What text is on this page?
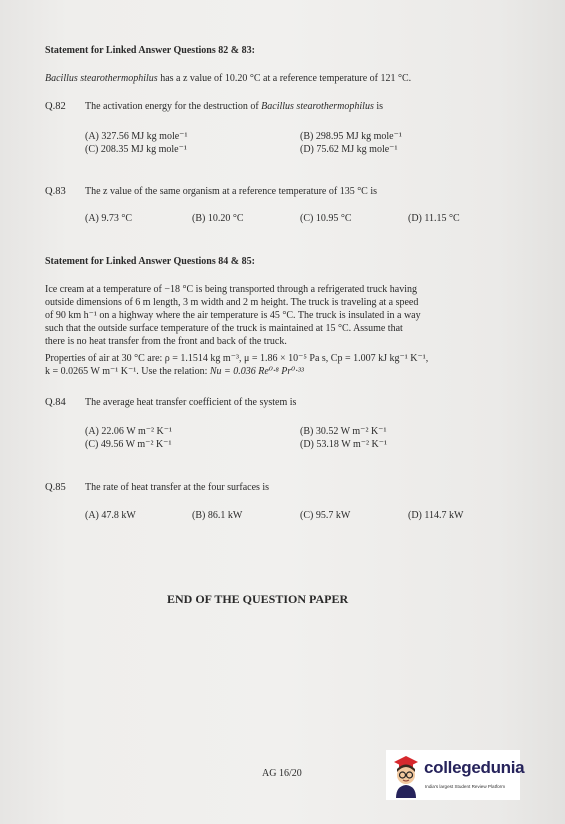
Statement for Linked Answer Questions 82 & 83:
Bacillus stearothermophilus has a z value of 10.20 °C at a reference temperature of 121 °C.
Q.82 The activation energy for the destruction of Bacillus stearothermophilus is
(A) 327.56 MJ kg mole⁻¹	(B) 298.95 MJ kg mole⁻¹
(C) 208.35 MJ kg mole⁻¹	(D) 75.62 MJ kg mole⁻¹
Q.83 The z value of the same organism at a reference temperature of 135 °C is
(A) 9.73 °C	(B) 10.20 °C	(C) 10.95 °C	(D) 11.15 °C
Statement for Linked Answer Questions 84 & 85:
Ice cream at a temperature of −18 °C is being transported through a refrigerated truck having
outside dimensions of 6 m length, 3 m width and 2 m height. The truck is traveling at a speed
of 90 km h⁻¹ on a highway where the air temperature is 45 °C. The truck is insulated in a way
such that the outside surface temperature of the truck is maintained at 15 °C. Assume that
there is no heat transfer from the front and back of the truck.
Properties of air at 30 °C are: ρ = 1.1514 kg m⁻³, μ = 1.86 × 10⁻⁵ Pa s, Cp = 1.007 kJ kg⁻¹ K⁻¹,
k = 0.0265 W m⁻¹ K⁻¹. Use the relation: Nu = 0.036 Re⁰·⁸ Pr⁰·³³
Q.84 The average heat transfer coefficient of the system is
(A) 22.06 W m⁻² K⁻¹	(B) 30.52 W m⁻² K⁻¹
(C) 49.56 W m⁻² K⁻¹	(D) 53.18 W m⁻² K⁻¹
Q.85 The rate of heat transfer at the four surfaces is
(A) 47.8 kW	(B) 86.1 kW	(C) 95.7 kW	(D) 114.7 kW
END OF THE QUESTION PAPER
AG 16/20	collegedunia
India's largest Student Review Platform
